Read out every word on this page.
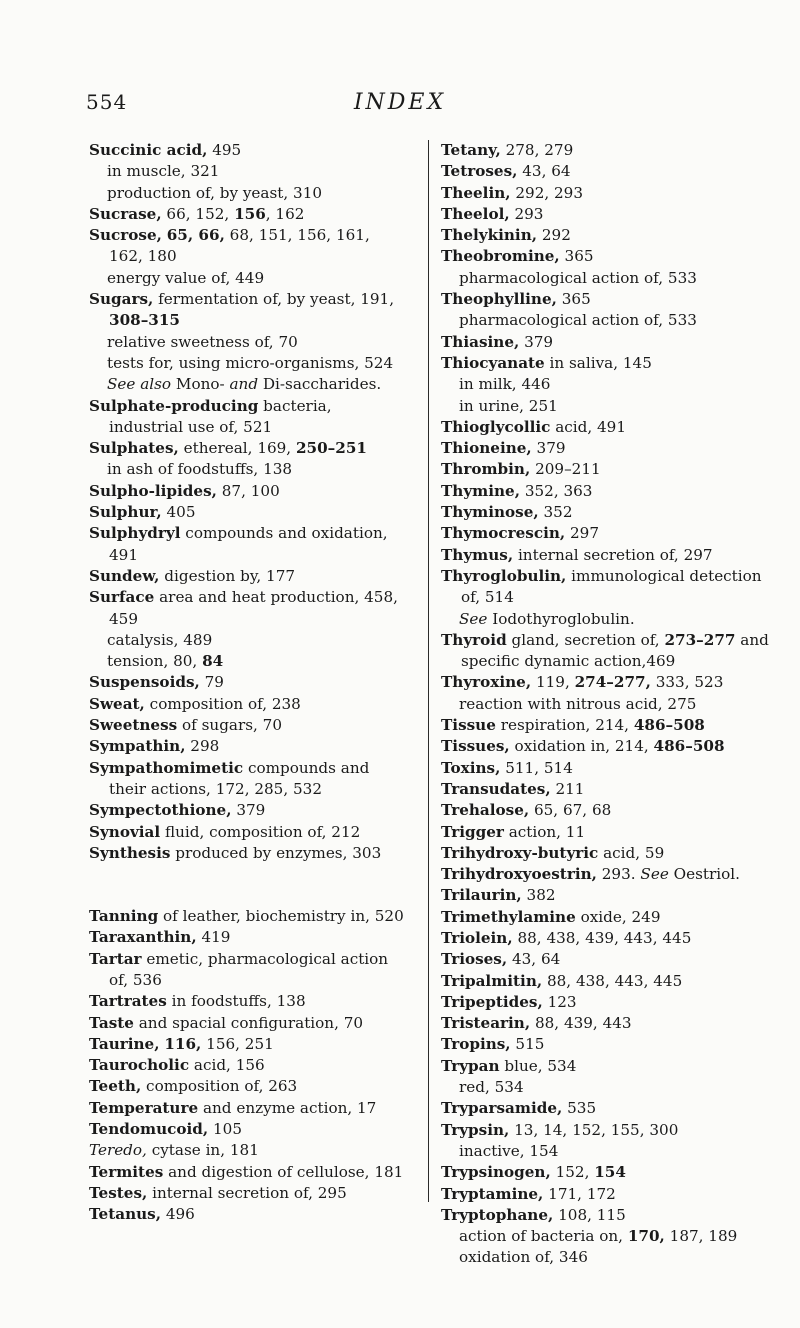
554	INDEX

Succinic acid, 495

in muscle, 321

production of, by yeast, 310

Sucrase, 66, 152, 156, 162

Sucrose, 65, 66, 68, 151, 156, 161, 162, 180

energy value of, 449

Sugars, fermentation of, by yeast, 191, 308–315

relative sweetness of, 70

tests for, using micro-organisms, 524

See also Mono- and Di-saccharides.

Sulphate-producing bacteria, industrial use of, 521

Sulphates, ethereal, 169, 250–251

in ash of foodstuffs, 138

Sulpho-lipides, 87, 100

Sulphur, 405

Sulphydryl compounds and oxidation, 491

Sundew, digestion by, 177

Surface area and heat production, 458, 459

catalysis, 489

tension, 80, 84

Suspensoids, 79

Sweat, composition of, 238

Sweetness of sugars, 70

Sympathin, 298

Sympathomimetic compounds and their actions, 172, 285, 532

Sympectothione, 379

Synovial fluid, composition of, 212

Synthesis produced by enzymes, 303

Tanning of leather, biochemistry in, 520

Taraxanthin, 419

Tartar emetic, pharmacological action of, 536

Tartrates in foodstuffs, 138

Taste and spacial configuration, 70

Taurine, 116, 156, 251

Taurocholic acid, 156

Teeth, composition of, 263

Temperature and enzyme action, 17

Tendomucoid, 105

Teredo, cytase in, 181

Termites and digestion of cellulose, 181

Testes, internal secretion of, 295

Tetanus, 496

Tetany, 278, 279

Tetroses, 43, 64

Theelin, 292, 293

Theelol, 293

Thelykinin, 292

Theobromine, 365

pharmacological action of, 533

Theophylline, 365

pharmacological action of, 533

Thiasine, 379

Thiocyanate in saliva, 145

in milk, 446

in urine, 251

Thioglycollic acid, 491

Thioneine, 379

Thrombin, 209–211

Thymine, 352, 363

Thyminose, 352

Thymocrescin, 297

Thymus, internal secretion of, 297

Thyroglobulin, immunological detection of, 514

See Iodothyroglobulin.

Thyroid gland, secretion of, 273–277 and specific dynamic action,469

Thyroxine, 119, 274–277, 333, 523

reaction with nitrous acid, 275

Tissue respiration, 214, 486–508

Tissues, oxidation in, 214, 486–508

Toxins, 511, 514

Transudates, 211

Trehalose, 65, 67, 68

Trigger action, 11

Trihydroxy-butyric acid, 59

Trihydroxyoestrin, 293. See Oestriol.

Trilaurin, 382

Trimethylamine oxide, 249

Triolein, 88, 438, 439, 443, 445

Trioses, 43, 64

Tripalmitin, 88, 438, 443, 445

Tripeptides, 123

Tristearin, 88, 439, 443

Tropins, 515

Trypan blue, 534

red, 534

Tryparsamide, 535

Trypsin, 13, 14, 152, 155, 300

inactive, 154

Trypsinogen, 152, 154

Tryptamine, 171, 172

Tryptophane, 108, 115

action of bacteria on, 170, 187, 189

oxidation of, 346
